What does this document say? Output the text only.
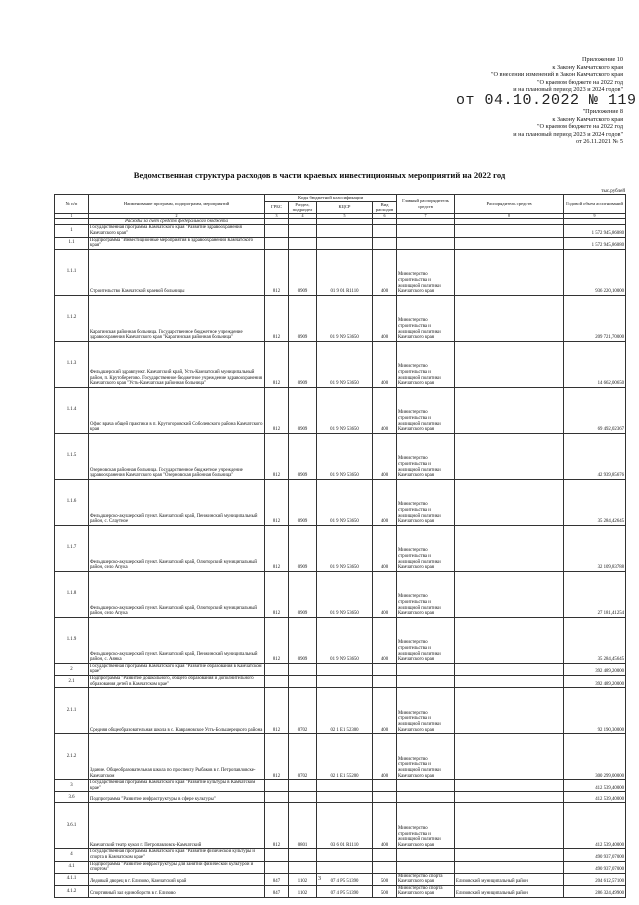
Приложение 10
к Закону Камчатского края
"О внесении изменений в Закон Камчатского края
"О краевом бюджете на 2022 год
и на плановый период 2023 и 2024 годов"
от 04.10.2022 № 119
"Приложение 8
к Закону Камчатского края
"О краевом бюджете на 2022 год
и на плановый период 2023 и 2024 годов"
от 26.11.2021 № 5
Ведомственная структура расходов в части краевых инвестиционных мероприятий на 2022 год
тыс.рублей
№ п/п	Наименование программ, подпрограмм, мероприятий	Коды бюджетной классификации				Главный распорядитель средств	Распорядитель средств	Годовой объем ассигнований
		ГРБС	Раздел, подраздел	КЦСР	Вид расходов			
1	2	3	4	5	6	7	8	9
	Расходы за счет средств федерального бюджета							
1	Государственная программа Камчатского края "Развитие здравоохранения Камчатского края"							1 572 945,86080
1.1	Подпрограмма "Инвестиционные мероприятия в здравоохранении Камчатского края"							1 572 945,86080
1.1.1	Строительство Камчатской краевой больницы	812	0909	01 9 01 R1110	400	Министерство строительства и жилищной политики Камчатского края		936 220,10000
1.1.2	Карагинская районная больница. Государственное бюджетное учреждение здравоохранения Камчатского края "Карагинская районная больница"	812	0909	01 9 N9 53650	400	Министерство строительства и жилищной политики Камчатского края		209 721,70000
1.1.3	Фельдшерский здравпункт. Камчатский край, Усть-Камчатский муниципальный район, п. Крутоберегово. Государственное бюджетное учреждение здравоохранения Камчатского края "Усть-Камчатская районная больница"	812	0909	01 9 N9 53650	400	Министерство строительства и жилищной политики Камчатского края		14 662,00650
1.1.4	Офис врача общей практики в п. Крутогоровский Соболевского района Камчатского края	812	0909	01 9 N9 53650	400	Министерство строительства и жилищной политики Камчатского края		69 492,02367
1.1.5	Озерновская районная больница. Государственное бюджетное учреждение здравоохранения Камчатского края "Озерновская районная больница"	812	0909	01 9 N9 53650	400	Министерство строительства и жилищной политики Камчатского края		42 939,85676
1.1.6	Фельдшерско-акушерский пункт. Камчатский край, Пенжинский муниципальный район, с. Слаутное	812	0909	01 9 N9 53650	400	Министерство строительства и жилищной политики Камчатского края		35 284,42645
1.1.7	Фельдшерско-акушерский пункт. Камчатский край, Олюторский муниципальный район, село Апука	812	0909	01 9 N9 53650	400	Министерство строительства и жилищной политики Камчатского края		32 109,83788
1.1.8	Фельдшерско-акушерский пункт. Камчатский край, Олюторский муниципальный район, село Апука	812	0909	01 9 N9 53650	400	Министерство строительства и жилищной политики Камчатского края		27 181,41254
1.1.9	Фельдшерско-акушерский пункт. Камчатский край, Пенжинский муниципальный район, с. Аянка	812	0909	01 9 N9 53650	400	Министерство строительства и жилищной политики Камчатского края		35 284,45645
2	Государственная программа Камчатского края "Развитие образования в Камчатском крае"							392 489,20000
2.1	Подпрограмма "Развитие дошкольного, общего образования и дополнительного образования детей в Камчатском крае"							392 489,20000
2.1.1	Средняя общеобразовательная школа в с. Каврановское Усть-Большерецкого района	812	0702	02 1 E1 52300	400	Министерство строительства и жилищной политики Камчатского края		92 190,30000
2.1.2	Здание. Общеобразовательная школа по проспекту Рыбаков в г. Петропавловске-Камчатском	812	0702	02 1 E1 55200	400	Министерство строительства и жилищной политики Камчатского края		300 299,00000
3	Государственная программа Камчатского края "Развитие культуры в Камчатском крае"							412 539,40000
3.6	Подпрограмма "Развитие инфраструктуры в сфере культуры"							412 539,40000
3.6.1	Камчатский театр кукол г. Петропавловск-Камчатский	812	0801	03 6 01 R1110	400	Министерство строительства и жилищной политики Камчатского края		412 539,40000
4	Государственная программа Камчатского края "Развитие физической культуры и спорта в Камчатском крае"							490 937,07000
4.1	Подпрограмма "Развитие инфраструктуры для занятий физической культурой и спортом"							490 937,07000
4.1.1	Ледовый дворец в г. Елизово, Камчатский край	847	1102	07 4 P5 51390	500	Министерство спорта Камчатского края	Елизовский муниципальный район	204 612,57100
4.1.2	Спортивный зал единоборств в г. Елизово	847	1102	07 4 P5 51390	500	Министерство спорта Камчатского края	Елизовский муниципальный район	286 324,49900
3
